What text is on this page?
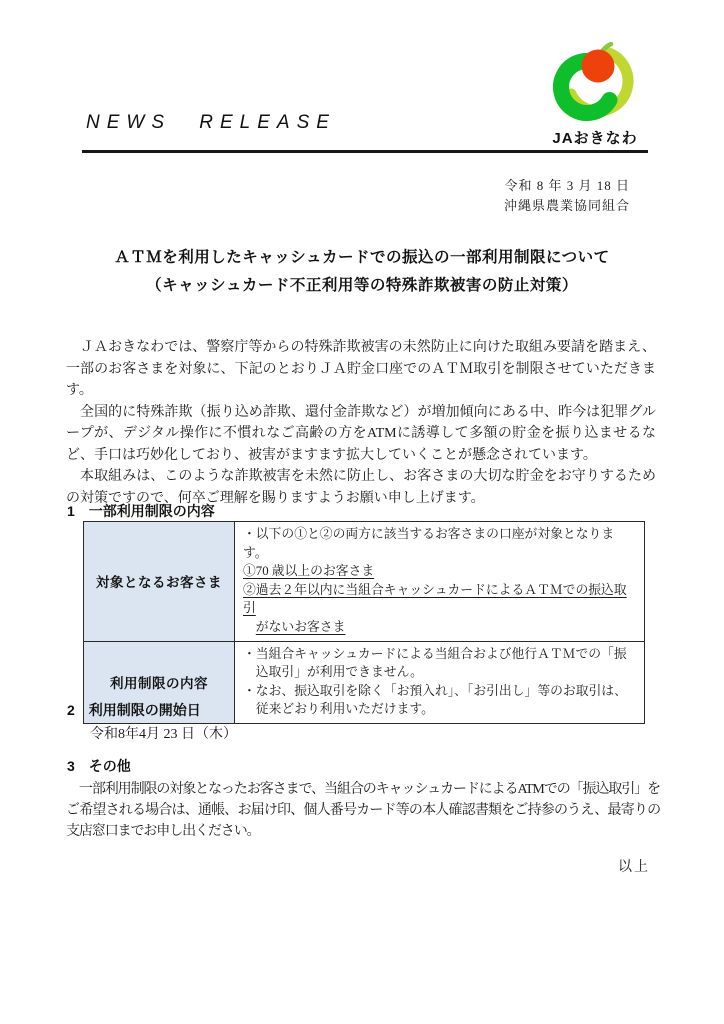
NEWS RELEASE
JAおきなわ
令和 8 年 3 月 18 日
沖縄県農業協同組合
ＡＴＭを利用したキャッシュカードでの振込の一部利用制限について
（キャッシュカード不正利用等の特殊詐欺被害の防止対策）

　ＪＡおきなわでは、警察庁等からの特殊詐欺被害の未然防止に向けた取組み要請を踏まえ、一部のお客さまを対象に、下記のとおりＪＡ貯金口座でのＡＴＭ取引を制限させていただきます。

　全国的に特殊詐欺（振り込め詐欺、還付金詐欺など）が増加傾向にある中、昨今は犯罪グループが、デジタル操作に不慣れなご高齢の方をATMに誘導して多額の貯金を振り込ませるなど、手口は巧妙化しており、被害がますます拡大していくことが懸念されています。

　本取組みは、このような詐欺被害を未然に防止し、お客さまの大切な貯金をお守りするための対策ですので、何卒ご理解を賜りますようお願い申し上げます。

1　一部利用制限の内容
対象となるお客さま	・以下の①と②の両方に該当するお客さまの口座が対象となります。
①70 歳以上のお客さま
②過去２年以内に当組合キャッシュカードによるＡＴＭでの振込取引
がないお客さま

利用制限の内容	・当組合キャッシュカードによる当組合および他行ＡＴＭでの「振込取引」が利用できません。
・なお、振込取引を除く「お預入れ」、「お引出し」等のお取引は、従来どおり利用いただけます。
2　利用制限の開始日
令和8年4月 23 日（木）
3　その他

　一部利用制限の対象となったお客さまで、当組合のキャッシュカードによるATMでの「振込取引」をご希望される場合は、通帳、お届け印、個人番号カード等の本人確認書類をご持参のうえ、最寄りの支店窓口までお申し出ください。

以上
